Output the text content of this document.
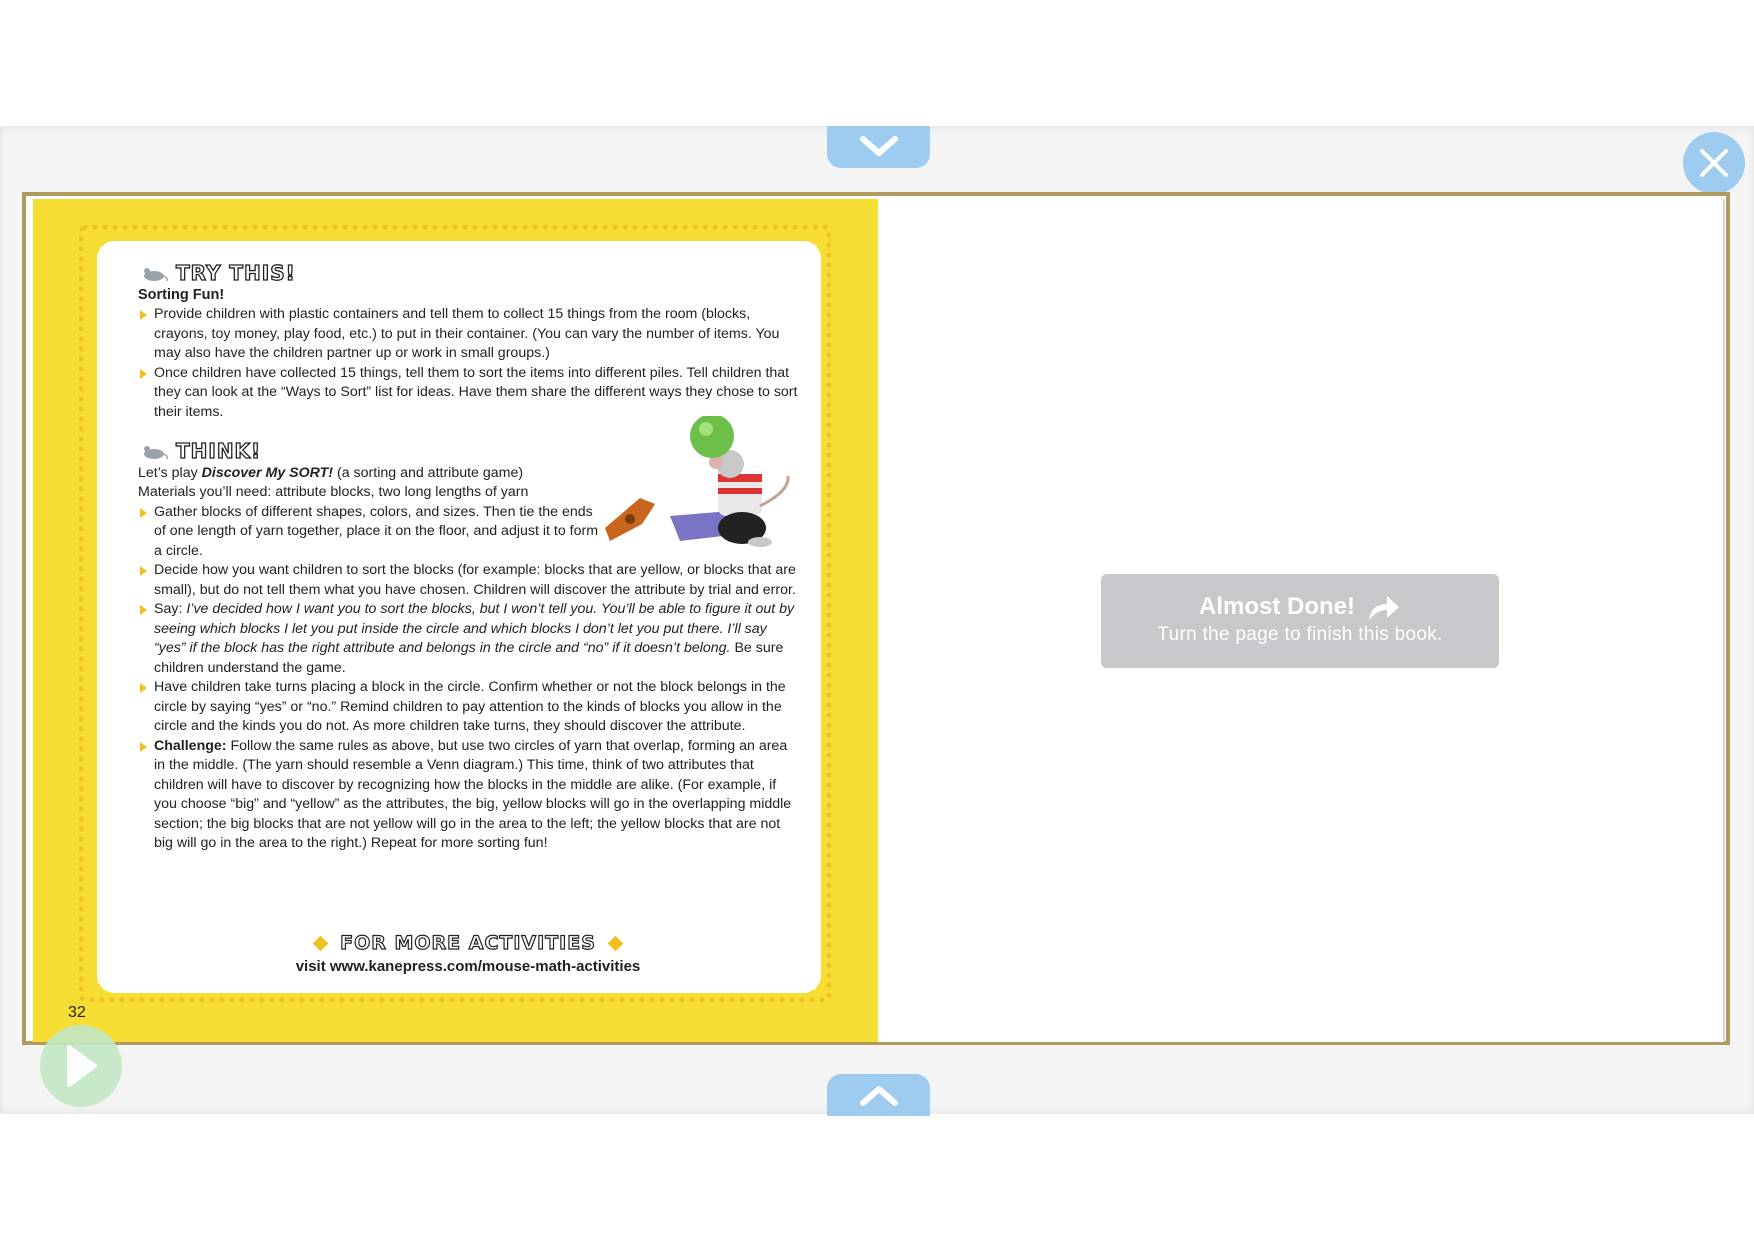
TRY THIS!
Sorting Fun!
Provide children with plastic containers and tell them to collect 15 things from the room (blocks, crayons, toy money, play food, etc.) to put in their container. (You can vary the number of items. You may also have the children partner up or work in small groups.)
Once children have collected 15 things, tell them to sort the items into different piles. Tell children that they can look at the “Ways to Sort” list for ideas. Have them share the different ways they chose to sort their items.
THINK!
Let’s play Discover My SORT! (a sorting and attribute game)
Materials you’ll need: attribute blocks, two long lengths of yarn
Gather blocks of different shapes, colors, and sizes. Then tie the ends of one length of yarn together, place it on the floor, and adjust it to form a circle.
Decide how you want children to sort the blocks (for example: blocks that are yellow, or blocks that are small), but do not tell them what you have chosen. Children will discover the attribute by trial and error.
Say: I’ve decided how I want you to sort the blocks, but I won’t tell you. You’ll be able to figure it out by seeing which blocks I let you put inside the circle and which blocks I don’t let you put there. I’ll say “yes” if the block has the right attribute and belongs in the circle and “no” if it doesn’t belong. Be sure children understand the game.
Have children take turns placing a block in the circle. Confirm whether or not the block belongs in the circle by saying “yes” or “no.” Remind children to pay attention to the kinds of blocks you allow in the circle and the kinds you do not. As more children take turns, they should discover the attribute.
Challenge: Follow the same rules as above, but use two circles of yarn that overlap, forming an area in the middle. (The yarn should resemble a Venn diagram.) This time, think of two attributes that children will have to discover by recognizing how the blocks in the middle are alike. (For example, if you choose “big” and “yellow” as the attributes, the big, yellow blocks will go in the overlapping middle section; the big blocks that are not yellow will go in the area to the left; the yellow blocks that are not big will go in the area to the right.) Repeat for more sorting fun!
FOR MORE ACTIVITIES
visit www.kanepress.com/mouse-math-activities
32
Almost Done!
Turn the page to finish this book.
